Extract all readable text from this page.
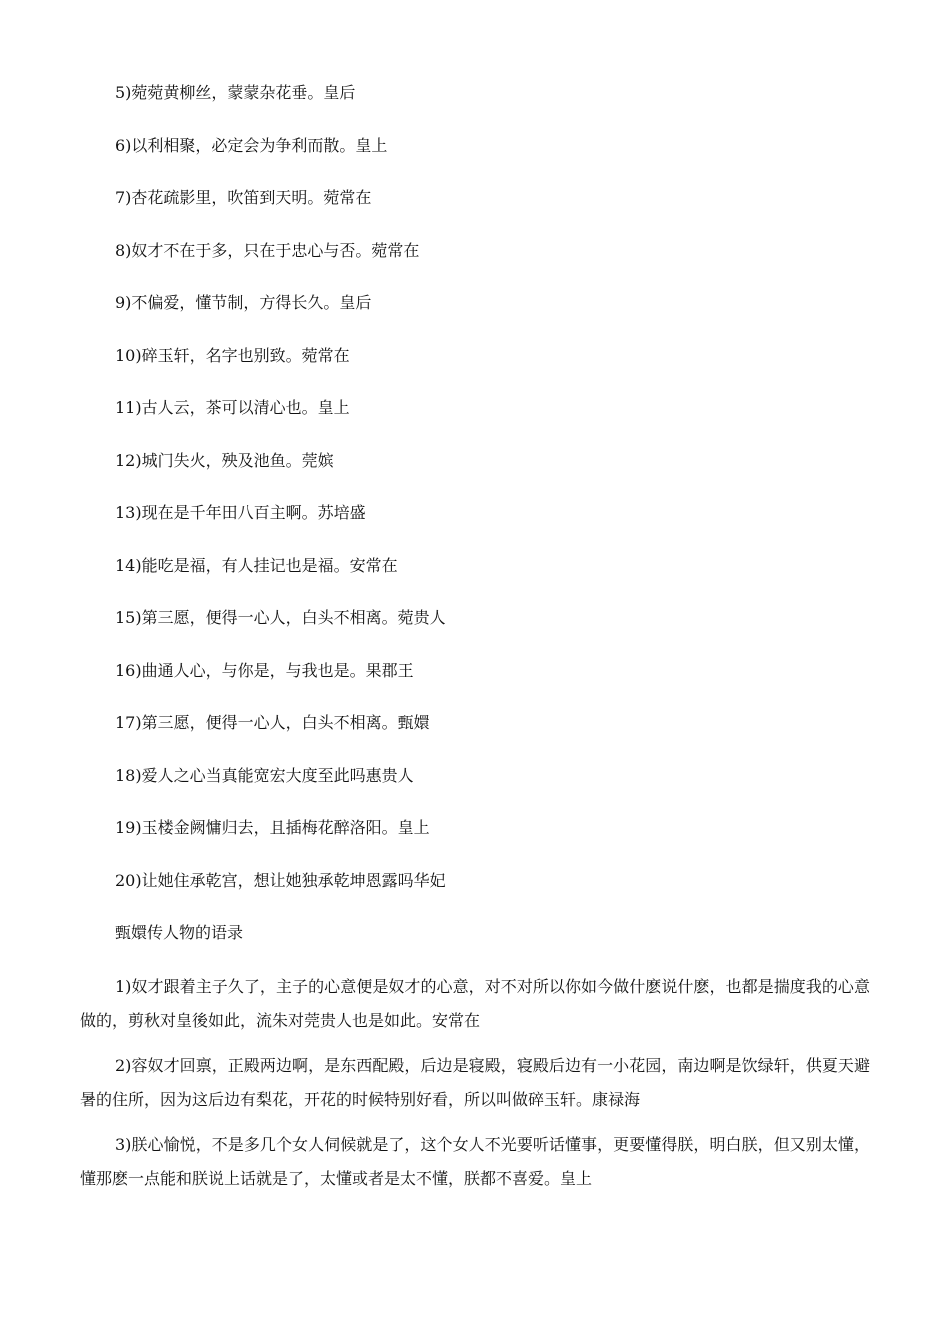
5)菀菀黄柳丝，蒙蒙杂花垂。皇后
6)以利相聚，必定会为争利而散。皇上
7)杏花疏影里，吹笛到天明。菀常在
8)奴才不在于多，只在于忠心与否。菀常在
9)不偏爱，懂节制，方得长久。皇后
10)碎玉轩，名字也别致。菀常在
11)古人云，茶可以清心也。皇上
12)城门失火，殃及池鱼。莞嫔
13)现在是千年田八百主啊。苏培盛
14)能吃是福，有人挂记也是福。安常在
15)第三愿，便得一心人，白头不相离。菀贵人
16)曲通人心，与你是，与我也是。果郡王
17)第三愿，便得一心人，白头不相离。甄嬛
18)爱人之心当真能宽宏大度至此吗惠贵人
19)玉楼金阙慵归去，且插梅花醉洛阳。皇上
20)让她住承乾宫，想让她独承乾坤恩露吗华妃
甄嬛传人物的语录
1)奴才跟着主子久了，主子的心意便是奴才的心意，对不对所以你如今做什麽说什麽，也都是揣度我的心意做的，剪秋对皇後如此，流朱对莞贵人也是如此。安常在
2)容奴才回禀，正殿两边啊，是东西配殿，后边是寝殿，寝殿后边有一小花园，南边啊是饮绿轩，供夏天避暑的住所，因为这后边有梨花，开花的时候特别好看，所以叫做碎玉轩。康禄海
3)朕心愉悦，不是多几个女人伺候就是了，这个女人不光要听话懂事，更要懂得朕，明白朕，但又别太懂，懂那麽一点能和朕说上话就是了，太懂或者是太不懂，朕都不喜爱。皇上
